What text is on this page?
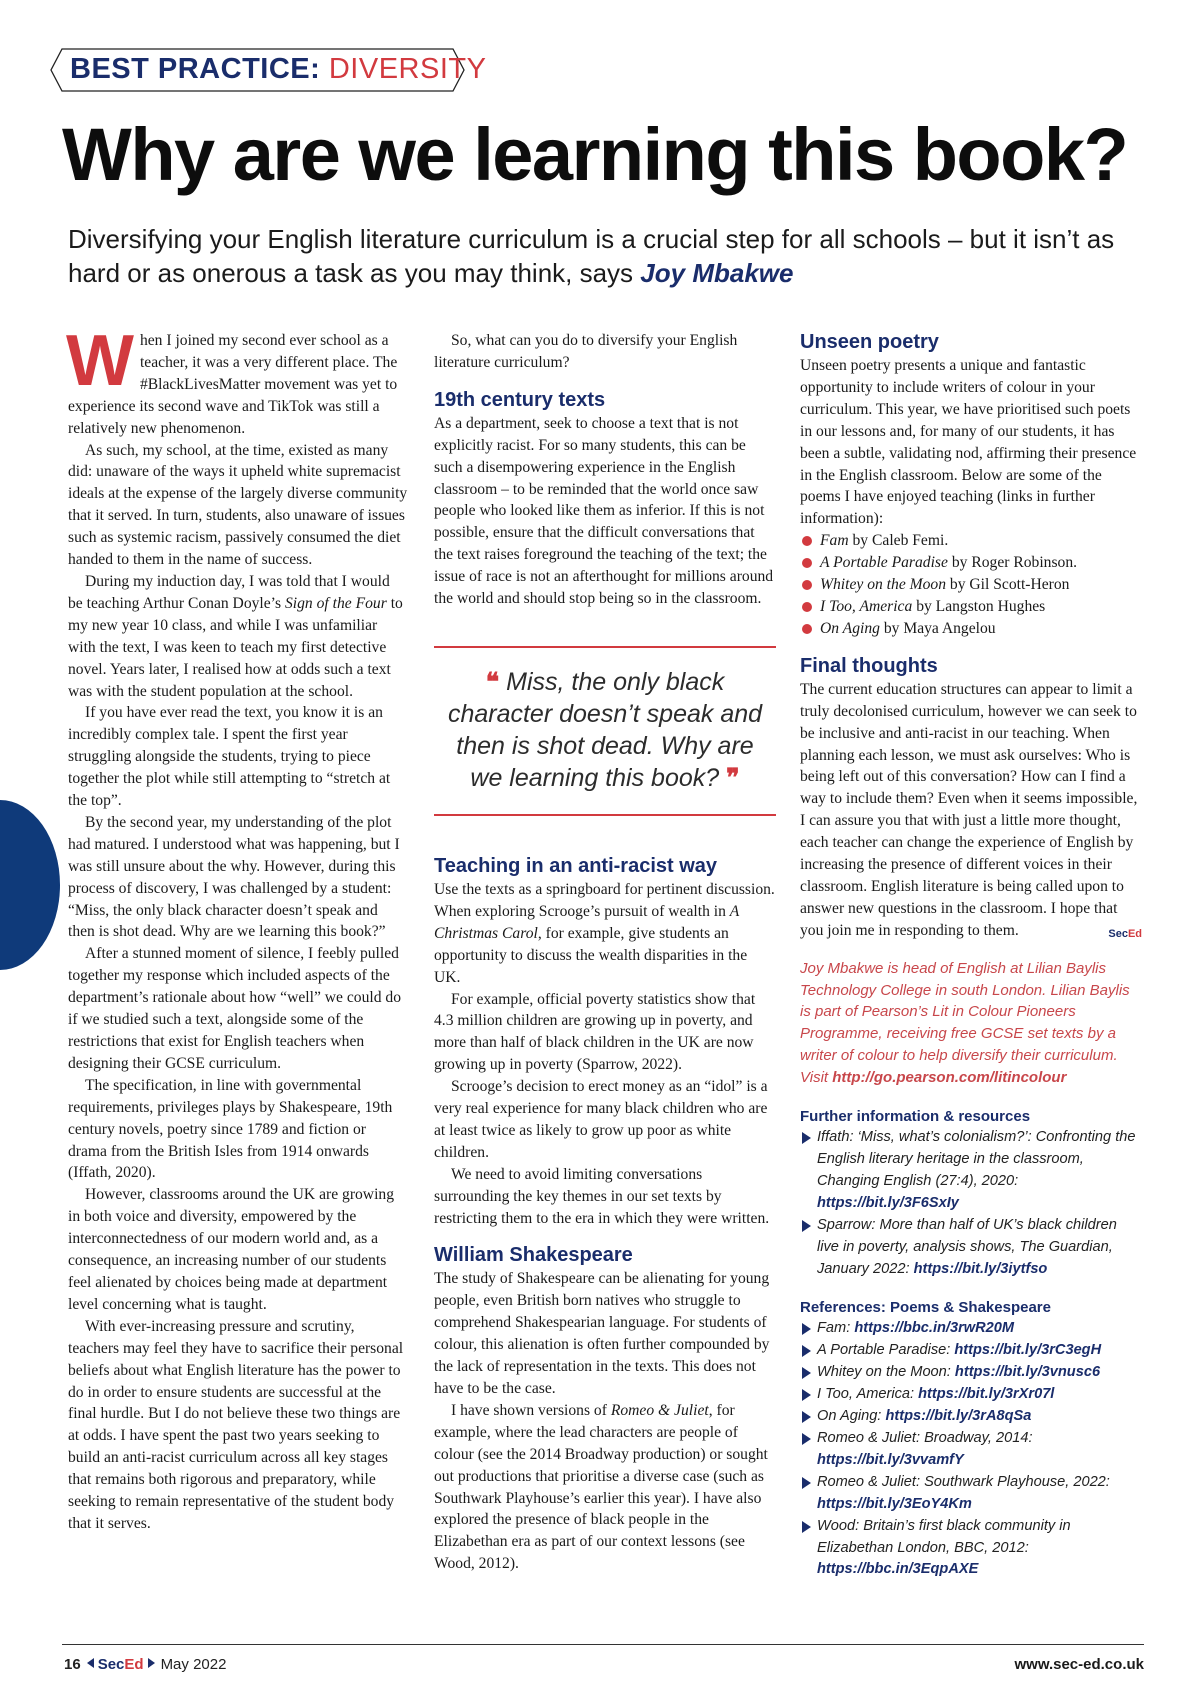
BEST PRACTICE: DIVERSITY
Why are we learning this book?
Diversifying your English literature curriculum is a crucial step for all schools – but it isn’t as hard or as onerous a task as you may think, says Joy Mbakwe

When I joined my second ever school as a teacher, it was a very different place. The #BlackLivesMatter movement was yet to experience its second wave and TikTok was still a relatively new phenomenon.

As such, my school, at the time, existed as many did: unaware of the ways it upheld white supremacist ideals at the expense of the largely diverse community that it served. In turn, students, also unaware of issues such as systemic racism, passively consumed the diet handed to them in the name of success.

During my induction day, I was told that I would be teaching Arthur Conan Doyle’s Sign of the Four to my new year 10 class, and while I was unfamiliar with the text, I was keen to teach my first detective novel. Years later, I realised how at odds such a text was with the student population at the school.

If you have ever read the text, you know it is an incredibly complex tale. I spent the first year struggling alongside the students, trying to piece together the plot while still attempting to “stretch at the top”.

By the second year, my understanding of the plot had matured. I understood what was happening, but I was still unsure about the why. However, during this process of discovery, I was challenged by a student: “Miss, the only black character doesn’t speak and then is shot dead. Why are we learning this book?”

After a stunned moment of silence, I feebly pulled together my response which included aspects of the department’s rationale about how “well” we could do if we studied such a text, alongside some of the restrictions that exist for English teachers when designing their GCSE curriculum.

The specification, in line with governmental requirements, privileges plays by Shakespeare, 19th century novels, poetry since 1789 and fiction or drama from the British Isles from 1914 onwards (Iffath, 2020).

However, classrooms around the UK are growing in both voice and diversity, empowered by the interconnectedness of our modern world and, as a consequence, an increasing number of our students feel alienated by choices being made at department level concerning what is taught.

With ever-increasing pressure and scrutiny, teachers may feel they have to sacrifice their personal beliefs about what English literature has the power to do in order to ensure students are successful at the final hurdle. But I do not believe these two things are at odds. I have spent the past two years seeking to build an anti-racist curriculum across all key stages that remains both rigorous and preparatory, while seeking to remain representative of the student body that it serves.

So, what can you do to diversify your English literature curriculum?

19th century texts

As a department, seek to choose a text that is not explicitly racist. For so many students, this can be such a disempowering experience in the English classroom – to be reminded that the world once saw people who looked like them as inferior. If this is not possible, ensure that the difficult conversations that the text raises foreground the teaching of the text; the issue of race is not an afterthought for millions around the world and should stop being so in the classroom.

❝ Miss, the only black character doesn’t speak and then is shot dead. Why are we learning this book? ❞
Teaching in an anti-racist way

Use the texts as a springboard for pertinent discussion. When exploring Scrooge’s pursuit of wealth in A Christmas Carol, for example, give students an opportunity to discuss the wealth disparities in the UK.

For example, official poverty statistics show that 4.3 million children are growing up in poverty, and more than half of black children in the UK are now growing up in poverty (Sparrow, 2022).

Scrooge’s decision to erect money as an “idol” is a very real experience for many black children who are at least twice as likely to grow up poor as white children.

We need to avoid limiting conversations surrounding the key themes in our set texts by restricting them to the era in which they were written.

William Shakespeare

The study of Shakespeare can be alienating for young people, even British born natives who struggle to comprehend Shakespearian language. For students of colour, this alienation is often further compounded by the lack of representation in the texts. This does not have to be the case.

I have shown versions of Romeo & Juliet, for example, where the lead characters are people of colour (see the 2014 Broadway production) or sought out productions that prioritise a diverse case (such as Southwark Playhouse’s earlier this year). I have also explored the presence of black people in the Elizabethan era as part of our context lessons (see Wood, 2012).

Unseen poetry

Unseen poetry presents a unique and fantastic opportunity to include writers of colour in your curriculum. This year, we have prioritised such poets in our lessons and, for many of our students, it has been a subtle, validating nod, affirming their presence in the English classroom. Below are some of the poems I have enjoyed teaching (links in further information):

Fam by Caleb Femi.
A Portable Paradise by Roger Robinson.
Whitey on the Moon by Gil Scott-Heron
I Too, America by Langston Hughes
On Aging by Maya Angelou
Final thoughts

The current education structures can appear to limit a truly decolonised curriculum, however we can seek to be inclusive and anti-racist in our teaching. When planning each lesson, we must ask ourselves: Who is being left out of this conversation? How can I find a way to include them? Even when it seems impossible, I can assure you that with just a little more thought, each teacher can change the experience of English by increasing the presence of different voices in their classroom. English literature is being called upon to answer new questions in the classroom. I hope that you join me in responding to them.	SecEd

Joy Mbakwe is head of English at Lilian Baylis Technology College in south London. Lilian Baylis is part of Pearson’s Lit in Colour Pioneers Programme, receiving free GCSE set texts by a writer of colour to help diversify their curriculum. Visit http://go.pearson.com/litincolour
Further information & resources
Iffath: ‘Miss, what’s colonialism?’: Confronting the English literary heritage in the classroom, Changing English (27:4), 2020: https://bit.ly/3F6SxIy
Sparrow: More than half of UK’s black children live in poverty, analysis shows, The Guardian, January 2022: https://bit.ly/3iytfso
References: Poems & Shakespeare
Fam: https://bbc.in/3rwR20M
A Portable Paradise: https://bit.ly/3rC3egH
Whitey on the Moon: https://bit.ly/3vnusc6
I Too, America: https://bit.ly/3rXr07l
On Aging: https://bit.ly/3rA8qSa
Romeo & Juliet: Broadway, 2014: https://bit.ly/3vvamfY
Romeo & Juliet: Southwark Playhouse, 2022: https://bit.ly/3EoY4Km
Wood: Britain’s first black community in Elizabethan London, BBC, 2012: https://bbc.in/3EqpAXE
16 SecEd May 2022	www.sec-ed.co.uk
